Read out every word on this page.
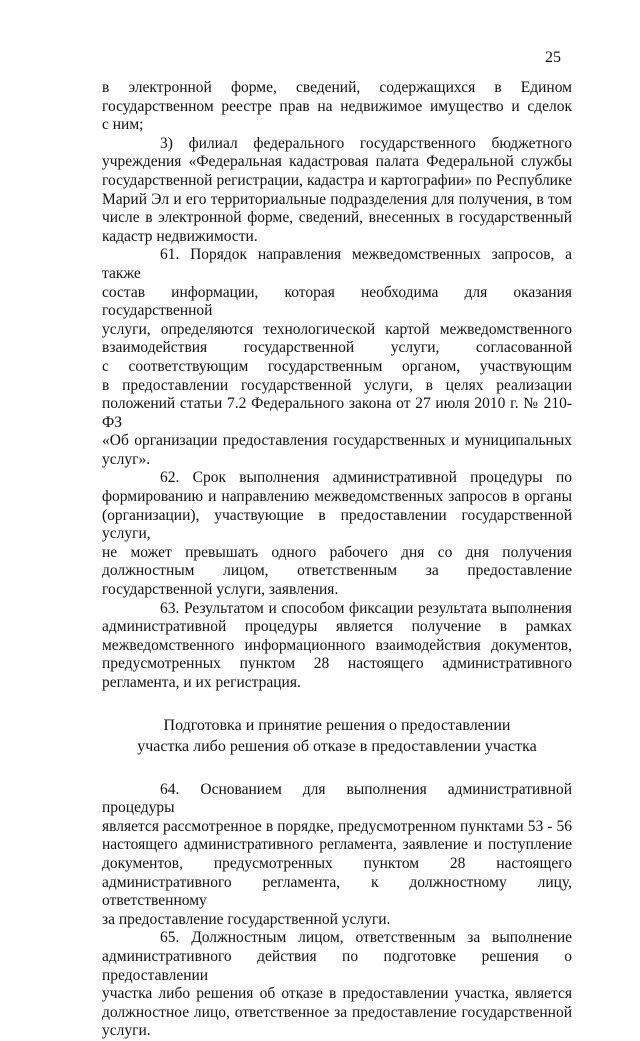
25

в электронной форме, сведений, содержащихся в Едином
государственном реестре прав на недвижимое имущество и сделок
с ним;

3) филиал федерального государственного бюджетного
учреждения «Федеральная кадастровая палата Федеральной службы
государственной регистрации, кадастра и картографии» по Республике
Марий Эл и его территориальные подразделения для получения, в том
числе в электронной форме, сведений, внесенных в государственный
кадастр недвижимости.

61. Порядок направления межведомственных запросов, а также
состав информации, которая необходима для оказания государственной
услуги, определяются технологической картой межведомственного
взаимодействия государственной услуги, согласованной
с соответствующим государственным органом, участвующим
в предоставлении государственной услуги, в целях реализации
положений статьи 7.2 Федерального закона от 27 июля 2010 г. № 210-ФЗ
«Об организации предоставления государственных и муниципальных
услуг».

62. Срок выполнения административной процедуры по
формированию и направлению межведомственных запросов в органы
(организации), участвующие в предоставлении государственной услуги,
не может превышать одного рабочего дня со дня получения
должностным лицом, ответственным за предоставление
государственной услуги, заявления.

63. Результатом и способом фиксации результата выполнения
административной процедуры является получение в рамках
межведомственного информационного взаимодействия документов,
предусмотренных пунктом 28 настоящего административного
регламента, и их регистрация.

Подготовка и принятие решения о предоставлении
участка либо решения об отказе в предоставлении участка

64. Основанием для выполнения административной процедуры
является рассмотренное в порядке, предусмотренном пунктами 53 - 56
настоящего административного регламента, заявление и поступление
документов, предусмотренных пунктом 28 настоящего
административного регламента, к должностному лицу, ответственному
за предоставление государственной услуги.

65. Должностным лицом, ответственным за выполнение
административного действия по подготовке решения о предоставлении
участка либо решения об отказе в предоставлении участка, является
должностное лицо, ответственное за предоставление государственной
услуги.
